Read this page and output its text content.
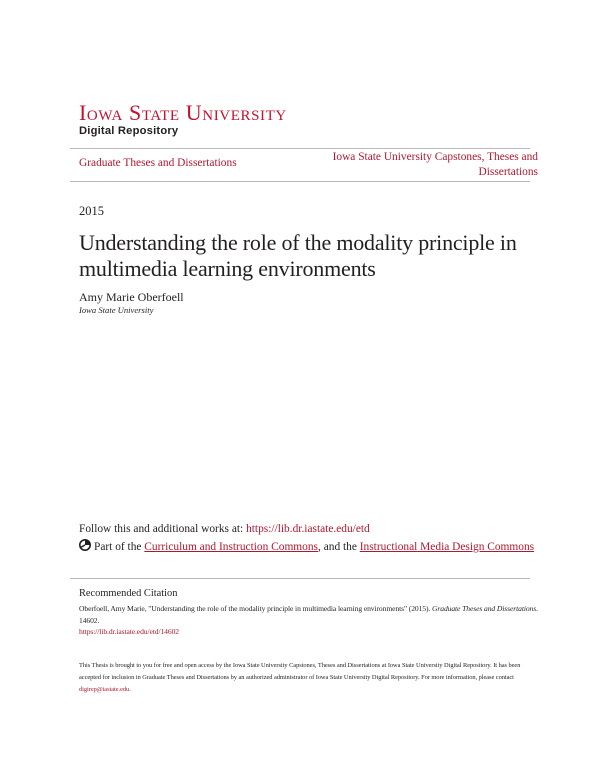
Iowa State University
Digital Repository
Graduate Theses and Dissertations	Iowa State University Capstones, Theses and Dissertations
2015
Understanding the role of the modality principle in multimedia learning environments
Amy Marie Oberfoell
Iowa State University
Follow this and additional works at: https://lib.dr.iastate.edu/etd
Part of the Curriculum and Instruction Commons, and the Instructional Media Design Commons
Recommended Citation
Oberfoell, Amy Marie, "Understanding the role of the modality principle in multimedia learning environments" (2015). Graduate Theses and Dissertations. 14602.
https://lib.dr.iastate.edu/etd/14602
This Thesis is brought to you for free and open access by the Iowa State University Capstones, Theses and Dissertations at Iowa State University Digital Repository. It has been accepted for inclusion in Graduate Theses and Dissertations by an authorized administrator of Iowa State University Digital Repository. For more information, please contact digirep@iastate.edu.
